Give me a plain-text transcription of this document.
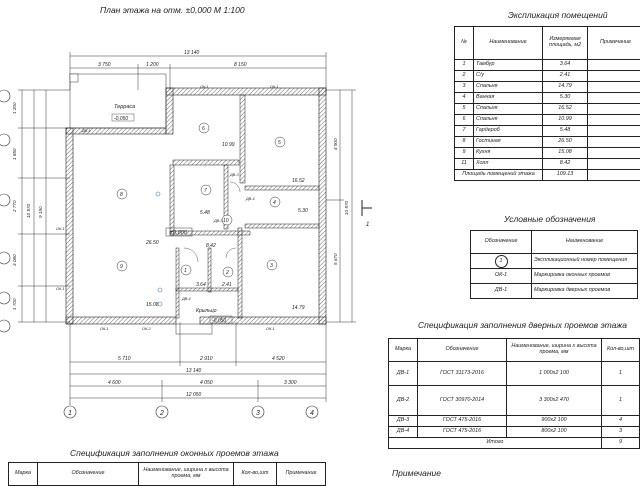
План этажа на отм. ±0,000 М 1:100
3 750	1 200	8 150
13 140
5 710	2 910	4 520
13 140
4 600	4 050	3 300
12 050
1	2	3	4
1 200
1 850
2 770
3 080
1 700
10 570 9 150	10 570
4 900
5 670
1
Терраса
-0,050
Крыльцо
-0,050
±0,000
8
9
6
5
4
3
7
10
1	2
26.50
15.08
10.99
16.52
5.30
14.79
5.48
8.42
3.64	2.41
ДВ-1
ОК-1	ОК-1
ОК-1	ОК-2	ОК-1
ОК-1
ОК-1
ДВ-3
ДВ-4
ДВ-3
ДВ-4
Экспликация помещений
№	Наименование	Измеряемая площадь, м2	Примечание
1	Тамбур	3.64	
2	С/у	2.41	
3	Спальня	14.79	
4	Ванная	5.30	
5	Спальня	16.52	
6	Спальня	10.99	
7	Гардероб	5.48	
8	Гостиная	26.50	
9	Кухня	15.08	
11	Холл	8.42	
Площадь помещений этажа		109.13	
Условные обозначения
Обозначение	Наименование
1	Экспликационный номер помещения
ОК-1	Маркировка оконных проемов
ДВ-1	Маркировка дверных проемов
Спецификация заполнения дверных проемов этажа
Марка	Обозначение	Наименование, ширина х высота проема, мм	Кол-во,шт
ДВ-1	ГОСТ 31173-2016	1 000х2 100	1
ДВ-2	ГОСТ 30970-2014	3 300х2 470	1
ДВ-3	ГОСТ 475-2016	900х2 100	4
ДВ-4	ГОСТ 475-2016	800х2 100	3
Итого			9
Спецификация заполнения оконных проемов этажа
Марка	Обозначение	Наименование, ширина х высота проема, мм	Кол-во,шт	Примечание	Примечание
